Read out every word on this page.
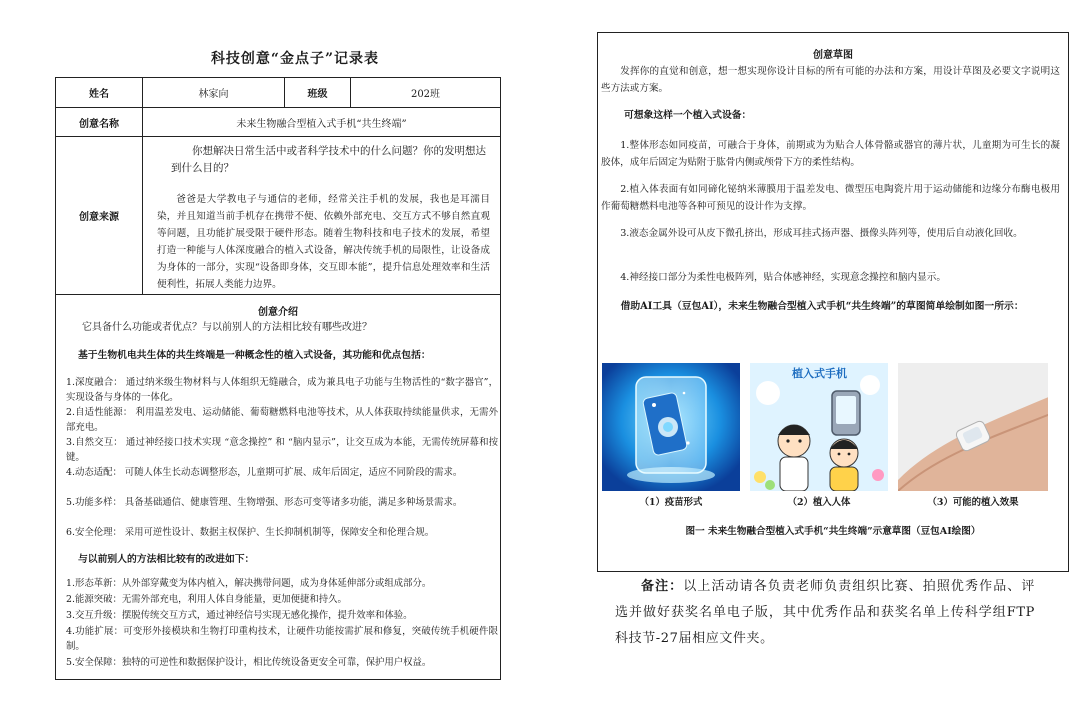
科技创意“金点子”记录表
姓名	林家向	班级	202班
创意名称	未来生物融合型植入式手机“共生终端”
创意来源
你想解决日常生活中或者科学技术中的什么问题？你的发明想达到什么目的？
爸爸是大学教电子与通信的老师，经常关注手机的发展，我也是耳濡目染，并且知道当前手机存在携带不便、依赖外部充电、交互方式不够自然直观等问题，且功能扩展受限于硬件形态。随着生物科技和电子技术的发展，希望打造一种能与人体深度融合的植入式设备，解决传统手机的局限性，让设备成为身体的一部分，实现“设备即身体，交互即本能”，提升信息处理效率和生活便利性，拓展人类能力边界。
创意介绍
它具备什么功能或者优点？与以前别人的方法相比较有哪些改进？
基于生物机电共生体的共生终端是一种概念性的植入式设备，其功能和优点包括：
1.深度融合： 通过纳米级生物材料与人体组织无缝融合，成为兼具电子功能与生物活性的“数字器官”，实现设备与身体的一体化。
2.自适性能源： 利用温差发电、运动储能、葡萄糖燃料电池等技术，从人体获取持续能量供求，无需外部充电。
3.自然交互： 通过神经接口技术实现 “意念操控” 和 “脑内显示”，让交互成为本能，无需传统屏幕和按键。
4.动态适配： 可随人体生长动态调整形态，儿童期可扩展、成年后固定，适应不同阶段的需求。
5.功能多样： 具备基础通信、健康管理、生物增强、形态可变等诸多功能，满足多种场景需求。
6.安全伦理： 采用可逆性设计、数据主权保护、生长抑制机制等，保障安全和伦理合规。
与以前别人的方法相比较有的改进如下：
1.形态革新：从外部穿戴变为体内植入，解决携带问题，成为身体延伸部分或组成部分。
2.能源突破：无需外部充电，利用人体自身能量，更加便捷和持久。
3.交互升级：摆脱传统交互方式，通过神经信号实现无感化操作，提升效率和体验。
4.功能扩展：可变形外接模块和生物打印重构技术，让硬件功能按需扩展和修复，突破传统手机硬件限制。
5.安全保障：独特的可逆性和数据保护设计，相比传统设备更安全可靠，保护用户权益。
创意草图
发挥你的直觉和创意，想一想实现你设计目标的所有可能的办法和方案，用设计草图及必要文字说明这些方法或方案。
可想象这样一个植入式设备：
1.整体形态如同疫苗，可融合于身体，前期或为为贴合人体骨骼或器官的薄片状，儿童期为可生长的凝胶体，成年后固定为贴附于肱骨内侧或颅骨下方的柔性结构。
2.植入体表面有如同碲化铋纳米薄膜用于温差发电、微型压电陶瓷片用于运动储能和边缘分布酶电极用作葡萄糖燃料电池等各种可预见的设计作为支撑。
3.液态金属外设可从皮下微孔挤出，形成耳挂式扬声器、摄像头阵列等，使用后自动液化回收。
4.神经接口部分为柔性电极阵列，贴合体感神经，实现意念操控和脑内显示。
借助AI工具（豆包AI），未来生物融合型植入式手机“共生终端”的草图简单绘制如图一所示：
植入式手机
（1）疫苗形式	（2）植入人体	（3）可能的植入效果
图一 未来生物融合型植入式手机“共生终端”示意草图（豆包AI绘图）
备注：以上活动请各负责老师负责组织比赛、拍照优秀作品、评选并做好获奖名单电子版，其中优秀作品和获奖名单上传科学组FTP科技节-27届相应文件夹。
